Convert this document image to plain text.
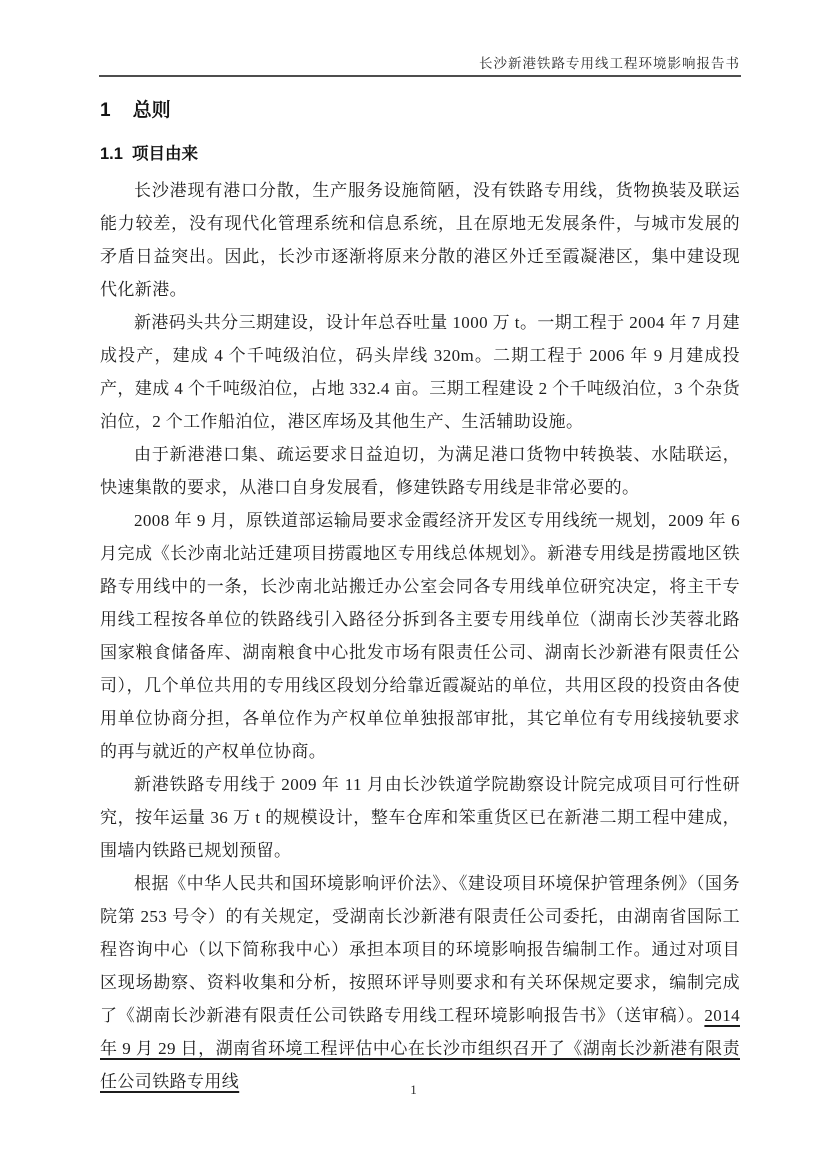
长沙新港铁路专用线工程环境影响报告书
1 总则
1.1 项目由来

长沙港现有港口分散，生产服务设施简陋，没有铁路专用线，货物换装及联运能力较差，没有现代化管理系统和信息系统，且在原地无发展条件，与城市发展的矛盾日益突出。因此，长沙市逐渐将原来分散的港区外迁至霞凝港区，集中建设现代化新港。

新港码头共分三期建设，设计年总吞吐量 1000 万 t。一期工程于 2004 年 7 月建成投产，建成 4 个千吨级泊位，码头岸线 320m。二期工程于 2006 年 9 月建成投产，建成 4 个千吨级泊位，占地 332.4 亩。三期工程建设 2 个千吨级泊位，3 个杂货泊位，2 个工作船泊位，港区库场及其他生产、生活辅助设施。

由于新港港口集、疏运要求日益迫切，为满足港口货物中转换装、水陆联运，快速集散的要求，从港口自身发展看，修建铁路专用线是非常必要的。

2008 年 9 月，原铁道部运输局要求金霞经济开发区专用线统一规划，2009 年 6 月完成《长沙南北站迁建项目捞霞地区专用线总体规划》。新港专用线是捞霞地区铁路专用线中的一条，长沙南北站搬迁办公室会同各专用线单位研究决定，将主干专用线工程按各单位的铁路线引入路径分拆到各主要专用线单位（湖南长沙芙蓉北路国家粮食储备库、湖南粮食中心批发市场有限责任公司、湖南长沙新港有限责任公司），几个单位共用的专用线区段划分给靠近霞凝站的单位，共用区段的投资由各使用单位协商分担，各单位作为产权单位单独报部审批，其它单位有专用线接轨要求的再与就近的产权单位协商。

新港铁路专用线于 2009 年 11 月由长沙铁道学院勘察设计院完成项目可行性研究，按年运量 36 万 t 的规模设计，整车仓库和笨重货区已在新港二期工程中建成，围墙内铁路已规划预留。

根据《中华人民共和国环境影响评价法》、《建设项目环境保护管理条例》（国务院第 253 号令）的有关规定，受湖南长沙新港有限责任公司委托，由湖南省国际工程咨询中心（以下简称我中心）承担本项目的环境影响报告编制工作。通过对项目区现场勘察、资料收集和分析，按照环评导则要求和有关环保规定要求，编制完成了《湖南长沙新港有限责任公司铁路专用线工程环境影响报告书》（送审稿）。2014 年 9 月 29 日，湖南省环境工程评估中心在长沙市组织召开了《湖南长沙新港有限责任公司铁路专用线	1
